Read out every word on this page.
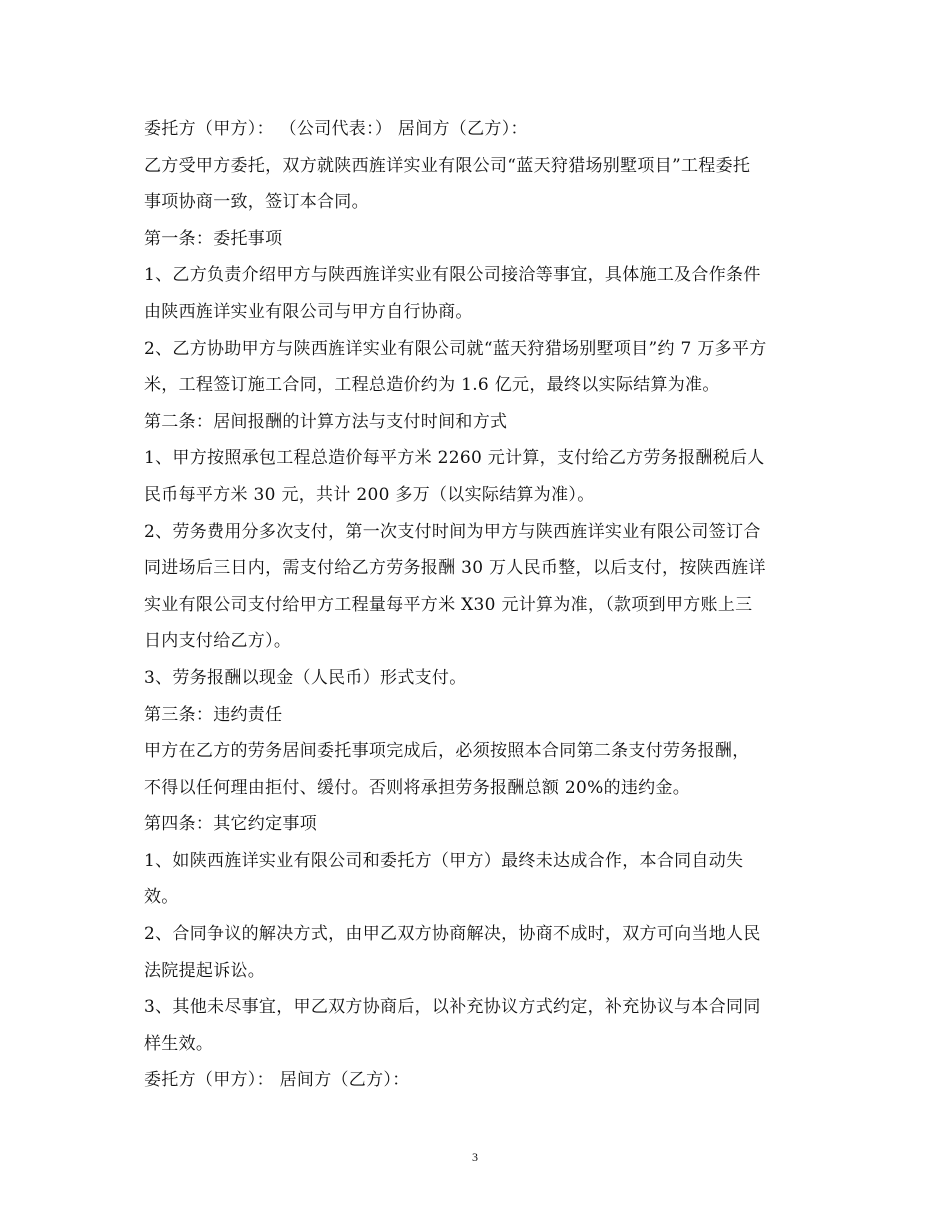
委托方（甲方）： （公司代表：） 居间方（乙方）：
乙方受甲方委托，双方就陕西旌详实业有限公司“蓝天狩猎场别墅项目”工程委托
事项协商一致，签订本合同。
第一条：委托事项
1、乙方负责介绍甲方与陕西旌详实业有限公司接洽等事宜，具体施工及合作条件
由陕西旌详实业有限公司与甲方自行协商。
2、乙方协助甲方与陕西旌详实业有限公司就“蓝天狩猎场别墅项目”约 7 万多平方
米，工程签订施工合同，工程总造价约为 1.6 亿元，最终以实际结算为准。
第二条：居间报酬的计算方法与支付时间和方式
1、甲方按照承包工程总造价每平方米 2260 元计算，支付给乙方劳务报酬税后人
民币每平方米 30 元，共计 200 多万（以实际结算为准）。
2、劳务费用分多次支付，第一次支付时间为甲方与陕西旌详实业有限公司签订合
同进场后三日内，需支付给乙方劳务报酬 30 万人民币整，以后支付，按陕西旌详
实业有限公司支付给甲方工程量每平方米 X30 元计算为准，（款项到甲方账上三
日内支付给乙方）。
3、劳务报酬以现金（人民币）形式支付。
第三条：违约责任
甲方在乙方的劳务居间委托事项完成后，必须按照本合同第二条支付劳务报酬，
不得以任何理由拒付、缓付。否则将承担劳务报酬总额 20%的违约金。
第四条：其它约定事项
1、如陕西旌详实业有限公司和委托方（甲方）最终未达成合作，本合同自动失
效。
2、合同争议的解决方式，由甲乙双方协商解决，协商不成时，双方可向当地人民
法院提起诉讼。
3、其他未尽事宜，甲乙双方协商后，以补充协议方式约定，补充协议与本合同同
样生效。
委托方（甲方）： 居间方（乙方）：
3
